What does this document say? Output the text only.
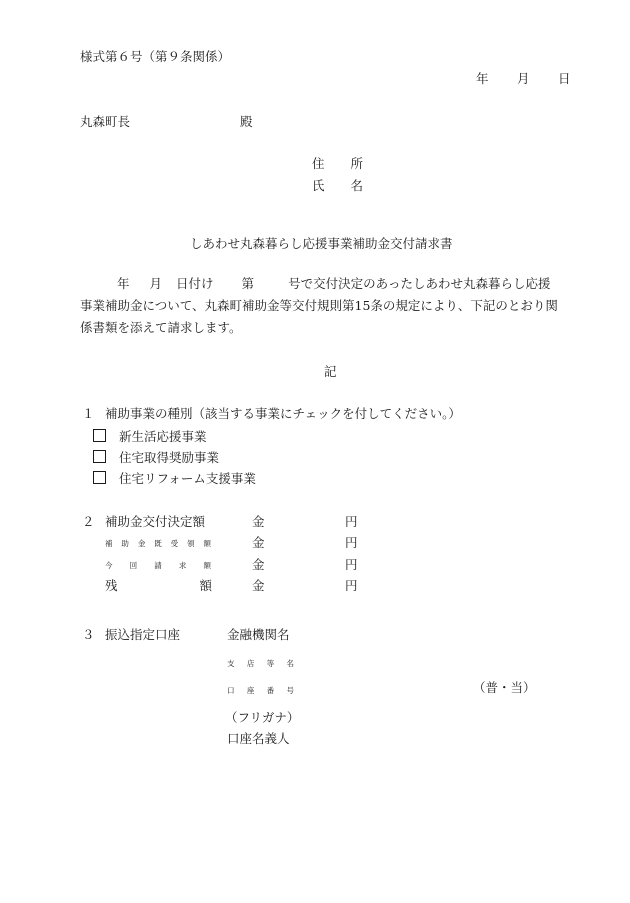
様式第６号（第９条関係）
年 月 日
丸森町長	殿
住 所
氏 名
しあわせ丸森暮らし応援事業補助金交付請求書
年 月 日付け 第	号で交付決定のあったしあわせ丸森暮らし応援
事業補助金について、丸森町補助金等交付規則第15条の規定により、下記のとおり関
係書類を添えて請求します。
記
１ 補助事業の種別（該当する事業にチェックを付してください。）
新生活応援事業
住宅取得奨励事業
住宅リフォーム支援事業
２ 補助金交付決定額	金	円
補 助 金 既 受 領 額	金	円
今 回 請 求 額	金	円
残	額	金	円
３ 振込指定口座	金融機関名
支 店 等 名
口 座 番 号	（普・当）
（フリガナ）
口座名義人
